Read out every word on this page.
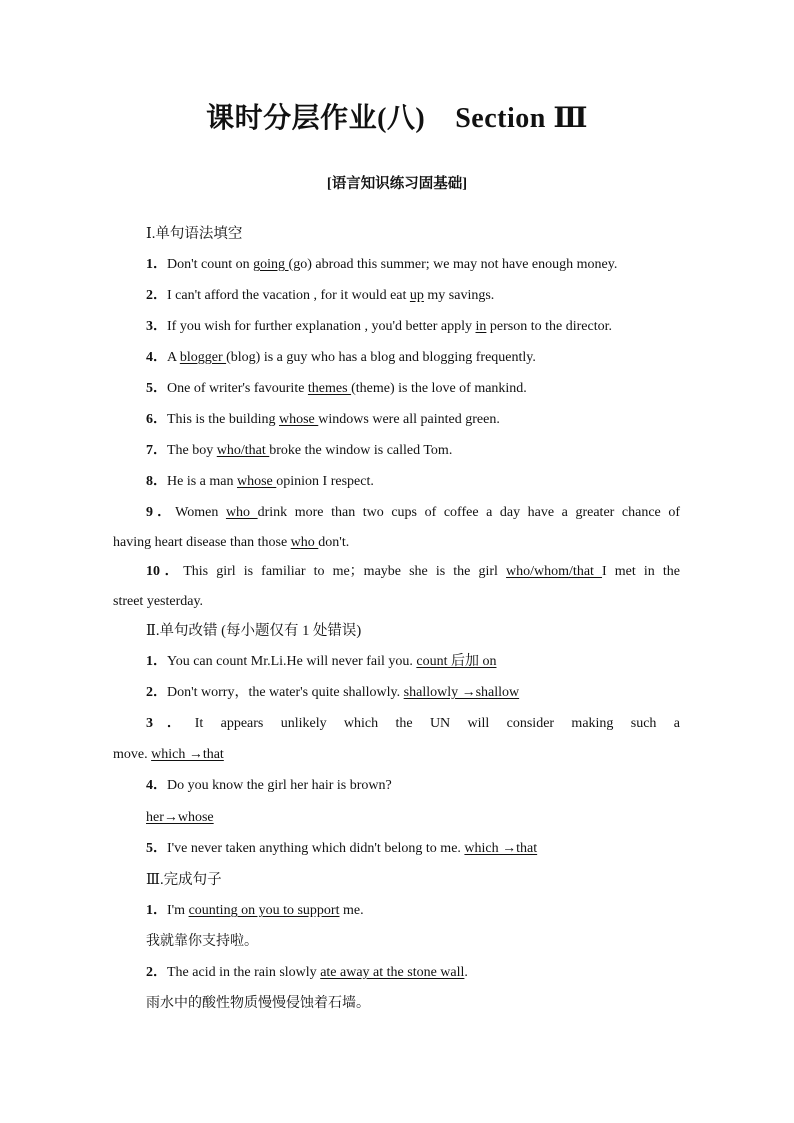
课时分层作业(八) Section Ⅲ
[语言知识练习固基础]
Ⅰ.单句语法填空
1．Don't count on going (go) abroad this summer; we may not have enough money.
2．I can't afford the vacation , for it would eat up my savings.
3．If you wish for further explanation , you'd better apply in person to the director.
4．A blogger (blog) is a guy who has a blog and blogging frequently.
5．One of writer's favourite themes (theme) is the love of mankind.
6．This is the building whose windows were all painted green.
7．The boy who/that broke the window is called Tom.
8．He is a man whose opinion I respect.
9．Women who drink more than two cups of coffee a day have a greater chance of
having heart disease than those who don't.
10．This girl is familiar to me；maybe she is the girl who/whom/that I met in the
street yesterday.
Ⅱ.单句改错 (每小题仅有 1 处错误)
1．You can count Mr.Li.He will never fail you. count 后加 on
2．Don't worry，the water's quite shallowly. shallowly →shallow
3．It appears unlikely which the UN will consider making such a
move. which →that
4．Do you know the girl her hair is brown?
her→whose
5．I've never taken anything which didn't belong to me. which →that
Ⅲ.完成句子
1．I'm counting on you to support me.
我就靠你支持啦。
2．The acid in the rain slowly ate away at the stone wall.
雨水中的酸性物质慢慢侵蚀着石墙。
